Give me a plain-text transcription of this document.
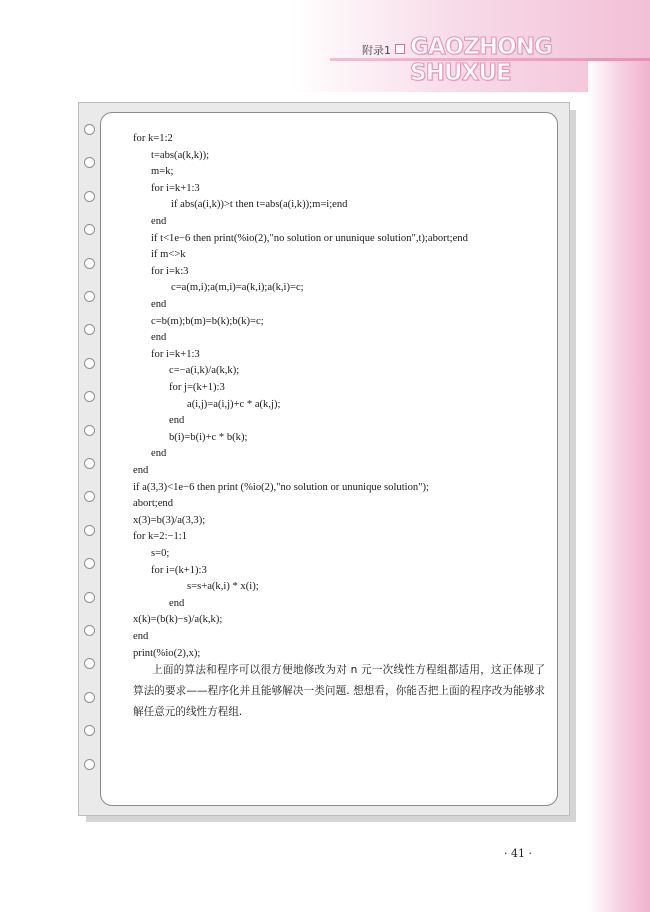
附录1 GAOZHONG SHUXUE
for k=1:2
t=abs(a(k,k));
m=k;
for i=k+1:3
if abs(a(i,k))>t then t=abs(a(i,k));m=i;end
end
if t<1e−6 then print(%io(2),"no solution or ununique solution",t);abort;end
if m<>k
for i=k:3
c=a(m,i);a(m,i)=a(k,i);a(k,i)=c;
end
c=b(m);b(m)=b(k);b(k)=c;
end
for i=k+1:3
c=−a(i,k)/a(k,k);
for j=(k+1):3
a(i,j)=a(i,j)+c * a(k,j);
end
b(i)=b(i)+c * b(k);
end
end
if a(3,3)<1e−6 then print (%io(2),"no solution or ununique solution");
abort;end
x(3)=b(3)/a(3,3);
for k=2:−1:1
s=0;
for i=(k+1):3
s=s+a(k,i) * x(i);
end
x(k)=(b(k)−s)/a(k,k);
end
print(%io(2),x);
上面的算法和程序可以很方便地修改为对 n 元一次线性方程组都适用，这正体现了算法的要求——程序化并且能够解决一类问题. 想想看，你能否把上面的程序改为能够求解任意元的线性方程组.
· 41 ·
